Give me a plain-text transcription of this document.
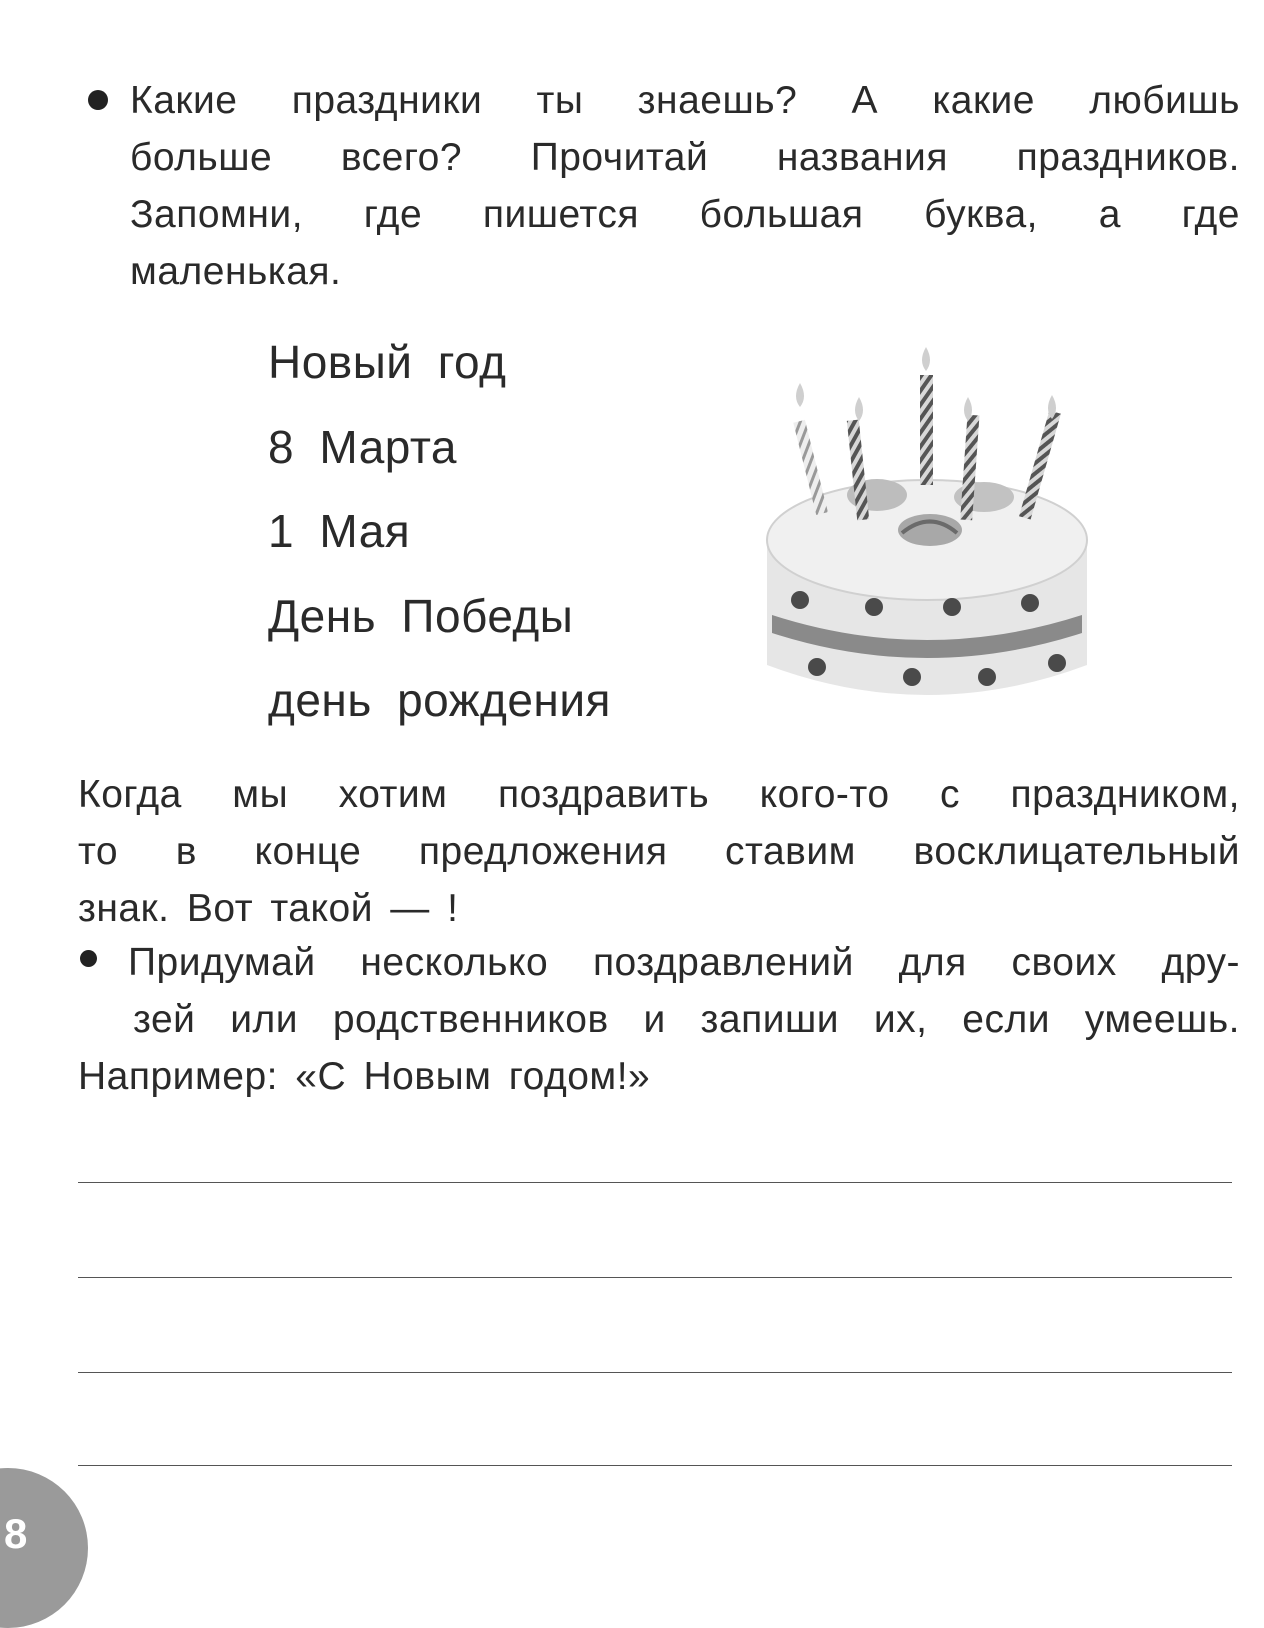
Какие праздники ты знаешь? А какие любишь
больше всего? Прочитай названия праздников.
Запомни, где пишется большая буква, а где
маленькая.
Новый год
8 Марта
1 Мая
День Победы
день рождения
Когда мы хотим поздравить кого-то с праздником,
то в конце предложения ставим восклицательный
знак. Вот такой — !
Придумай несколько поздравлений для своих дру-
зей или родственников и запиши их, если умеешь.
Например: «С Новым годом!»
8
